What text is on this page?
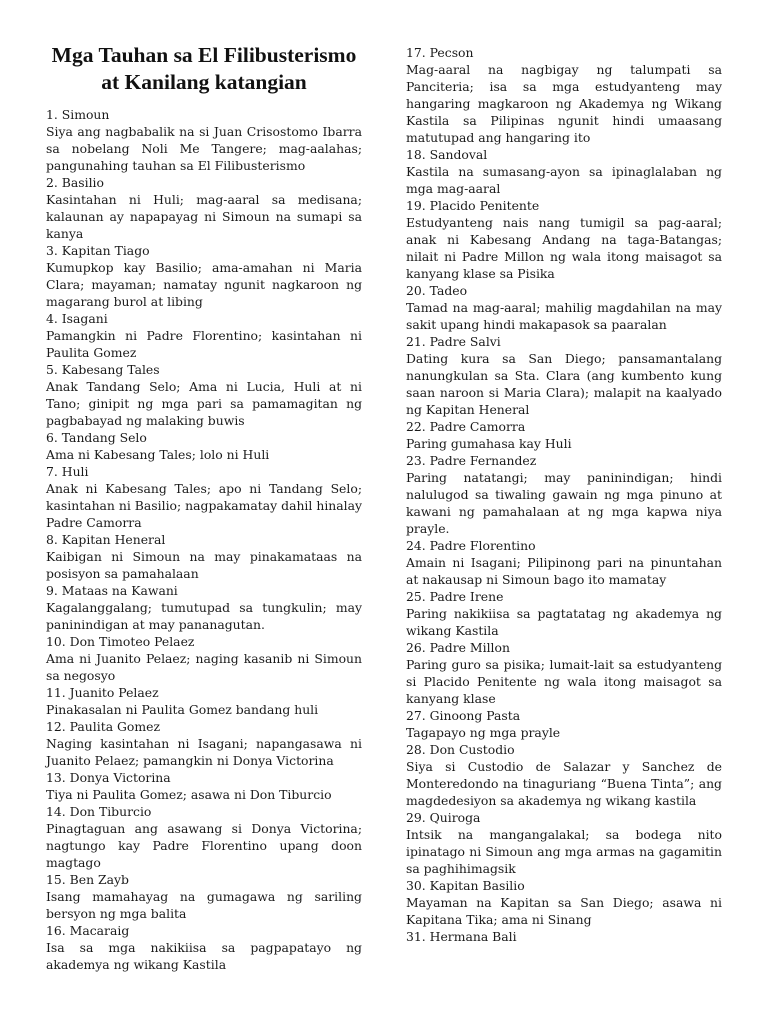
Mga Tauhan sa El Filibusterismo at Kanilang katangian
1. Simoun
Siya ang nagbabalik na si Juan Crisostomo Ibarra sa nobelang Noli Me Tangere; mag-aalahas; pangunahing tauhan sa El Filibusterismo
2. Basilio
Kasintahan ni Huli; mag-aaral sa medisana; kalaunan ay napapayag ni Simoun na sumapi sa kanya
3. Kapitan Tiago
Kumupkop kay Basilio; ama-amahan ni Maria Clara; mayaman; namatay ngunit nagkaroon ng magarang burol at libing
4. Isagani
Pamangkin ni Padre Florentino; kasintahan ni Paulita Gomez
5. Kabesang Tales
Anak Tandang Selo; Ama ni Lucia, Huli at ni Tano; ginipit ng mga pari sa pamamagitan ng pagbabayad ng malaking buwis
6. Tandang Selo
Ama ni Kabesang Tales; lolo ni Huli
7. Huli
Anak ni Kabesang Tales; apo ni Tandang Selo; kasintahan ni Basilio; nagpakamatay dahil hinalay Padre Camorra
8. Kapitan Heneral
Kaibigan ni Simoun na may pinakamataas na posisyon sa pamahalaan
9. Mataas na Kawani
Kagalanggalang; tumutupad sa tungkulin; may paninindigan at may pananagutan.
10. Don Timoteo Pelaez
Ama ni Juanito Pelaez; naging kasanib ni Simoun sa negosyo
11. Juanito Pelaez
Pinakasalan ni Paulita Gomez bandang huli
12. Paulita Gomez
Naging kasintahan ni Isagani; napangasawa ni Juanito Pelaez; pamangkin ni Donya Victorina
13. Donya Victorina
Tiya ni Paulita Gomez; asawa ni Don Tiburcio
14. Don Tiburcio
Pinagtaguan ang asawang si Donya Victorina; nagtungo kay Padre Florentino upang doon magtago
15. Ben Zayb
Isang mamahayag na gumagawa ng sariling bersyon ng mga balita
16. Macaraig
Isa sa mga nakikiisa sa pagpapatayo ng akademya ng wikang Kastila
17. Pecson
Mag-aaral na nagbigay ng talumpati sa Panciteria; isa sa mga estudyanteng may hangaring magkaroon ng Akademya ng Wikang Kastila sa Pilipinas ngunit hindi umaasang matutupad ang hangaring ito
18. Sandoval
Kastila na sumasang-ayon sa ipinaglalaban ng mga mag-aaral
19. Placido Penitente
Estudyanteng nais nang tumigil sa pag-aaral; anak ni Kabesang Andang na taga-Batangas; nilait ni Padre Millon ng wala itong maisagot sa kanyang klase sa Pisika
20. Tadeo
Tamad na mag-aaral; mahilig magdahilan na may sakit upang hindi makapasok sa paaralan
21. Padre Salvi
Dating kura sa San Diego; pansamantalang nanungkulan sa Sta. Clara (ang kumbento kung saan naroon si Maria Clara); malapit na kaalyado ng Kapitan Heneral
22. Padre Camorra
Paring gumahasa kay Huli
23. Padre Fernandez
Paring natatangi; may paninindigan; hindi nalulugod sa tiwaling gawain ng mga pinuno at kawani ng pamahalaan at ng mga kapwa niya prayle.
24. Padre Florentino
Amain ni Isagani; Pilipinong pari na pinuntahan at nakausap ni Simoun bago ito mamatay
25. Padre Irene
Paring nakikiisa sa pagtatatag ng akademya ng wikang Kastila
26. Padre Millon
Paring guro sa pisika; lumait-lait sa estudyanteng si Placido Penitente ng wala itong maisagot sa kanyang klase
27. Ginoong Pasta
Tagapayo ng mga prayle
28. Don Custodio
Siya si Custodio de Salazar y Sanchez de Monteredondo na tinaguriang “Buena Tinta”; ang magdedesiyon sa akademya ng wikang kastila
29. Quiroga
Intsik na mangangalakal; sa bodega nito ipinatago ni Simoun ang mga armas na gagamitin sa paghihimagsik
30. Kapitan Basilio
Mayaman na Kapitan sa San Diego; asawa ni Kapitana Tika; ama ni Sinang
31. Hermana Bali
